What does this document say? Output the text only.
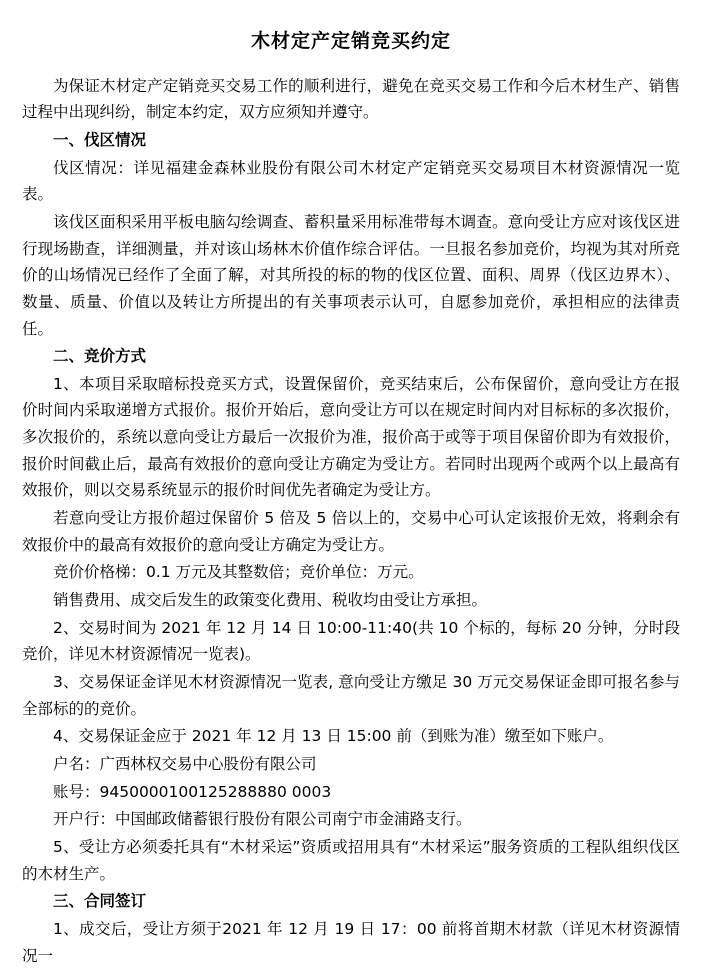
木材定产定销竞买约定

为保证木材定产定销竞买交易工作的顺利进行，避免在竞买交易工作和今后木材生产、销售过程中出现纠纷，制定本约定，双方应须知并遵守。

一、伐区情况

伐区情况：详见福建金森林业股份有限公司木材定产定销竞买交易项目木材资源情况一览表。

该伐区面积采用平板电脑勾绘调查、蓄积量采用标准带每木调查。意向受让方应对该伐区进行现场勘查，详细测量，并对该山场林木价值作综合评估。一旦报名参加竞价，均视为其对所竞价的山场情况已经作了全面了解，对其所投的标的物的伐区位置、面积、周界（伐区边界木）、数量、质量、价值以及转让方所提出的有关事项表示认可，自愿参加竞价，承担相应的法律责任。

二、竞价方式

1、本项目采取暗标投竞买方式，设置保留价，竞买结束后，公布保留价，意向受让方在报价时间内采取递增方式报价。报价开始后，意向受让方可以在规定时间内对目标标的多次报价，多次报价的，系统以意向受让方最后一次报价为准，报价高于或等于项目保留价即为有效报价，报价时间截止后，最高有效报价的意向受让方确定为受让方。若同时出现两个或两个以上最高有效报价，则以交易系统显示的报价时间优先者确定为受让方。

若意向受让方报价超过保留价 5 倍及 5 倍以上的，交易中心可认定该报价无效，将剩余有效报价中的最高有效报价的意向受让方确定为受让方。

竞价价格梯：0.1 万元及其整数倍；竞价单位：万元。

销售费用、成交后发生的政策变化费用、税收均由受让方承担。

2、交易时间为 2021 年 12 月 14 日 10:00-11:40(共 10 个标的，每标 20 分钟，分时段竞价，详见木材资源情况一览表)。

3、交易保证金详见木材资源情况一览表, 意向受让方缴足 30 万元交易保证金即可报名参与全部标的的竞价。

4、交易保证金应于 2021 年 12 月 13 日 15:00 前（到账为准）缴至如下账户。

户名：广西林权交易中心股份有限公司

账号：9450000100125288880 0003

开户行：中国邮政储蓄银行股份有限公司南宁市金浦路支行。

5、受让方必须委托具有“木材采运”资质或招用具有“木材采运”服务资质的工程队组织伐区的木材生产。

三、合同签订

1、成交后，受让方须于2021 年 12 月 19 日 17：00 前将首期木材款（详见木材资源情况一
